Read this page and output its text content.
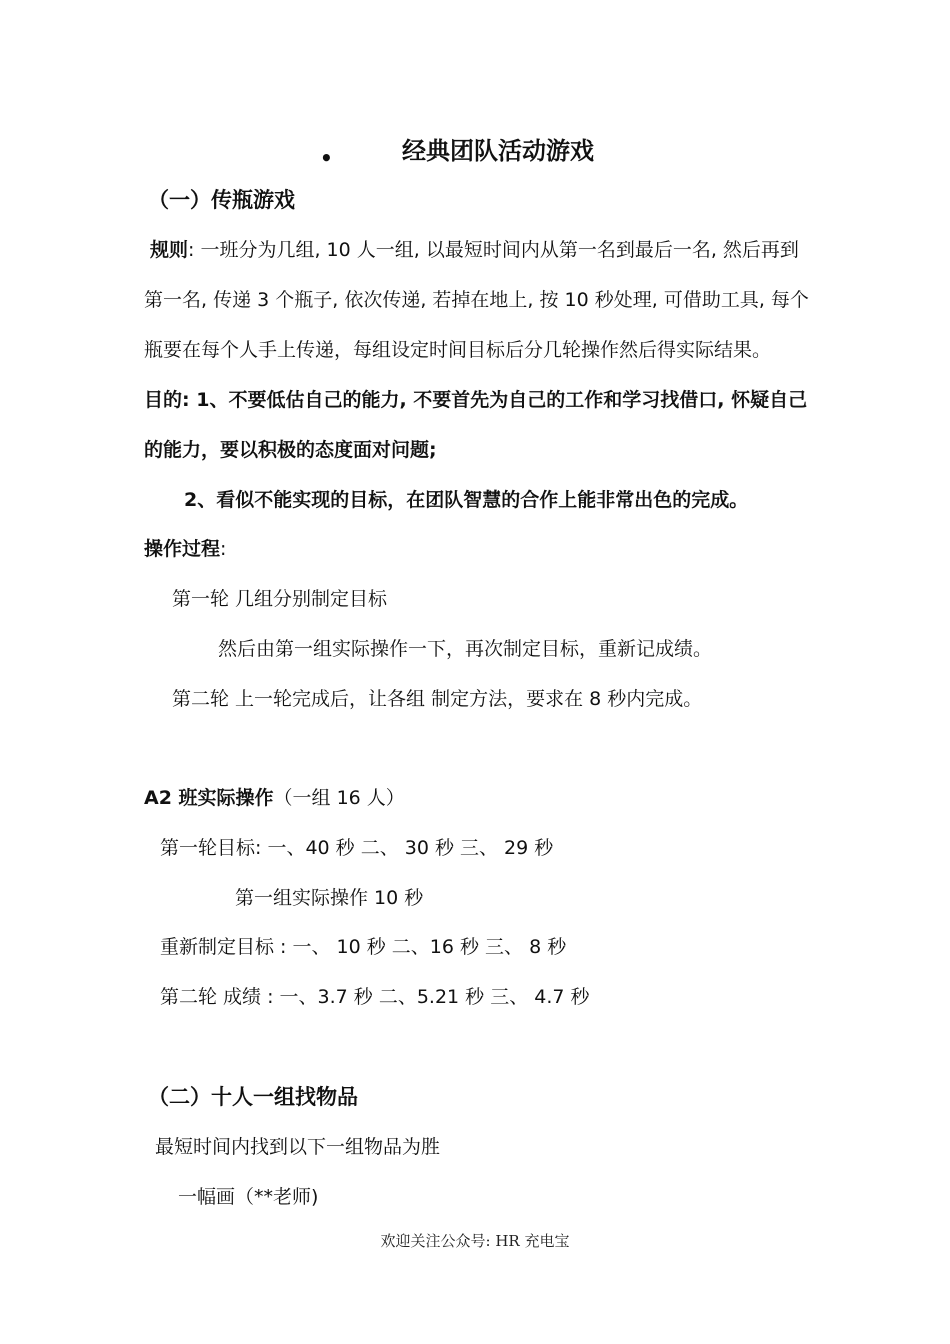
•	经典团队活动游戏
（一）传瓶游戏
规则: 一班分为几组, 10 人一组, 以最短时间内从第一名到最后一名, 然后再到
第一名, 传递 3 个瓶子, 依次传递, 若掉在地上, 按 10 秒处理, 可借助工具, 每个
瓶要在每个人手上传递，每组设定时间目标后分几轮操作然后得实际结果。
目的: 1、不要低估自己的能力, 不要首先为自己的工作和学习找借口, 怀疑自己
的能力，要以积极的态度面对问题;
2、看似不能实现的目标，在团队智慧的合作上能非常出色的完成。
操作过程:
第一轮 几组分别制定目标
然后由第一组实际操作一下，再次制定目标，重新记成绩。
第二轮 上一轮完成后，让各组 制定方法，要求在 8 秒内完成。
A2 班实际操作（一组 16 人）
第一轮目标: 一、40 秒 二、 30 秒 三、 29 秒
第一组实际操作 10 秒
重新制定目标 : 一、 10 秒 二、16 秒 三、 8 秒
第二轮 成绩 : 一、3.7 秒 二、5.21 秒 三、 4.7 秒
（二）十人一组找物品
最短时间内找到以下一组物品为胜
一幅画（**老师)
欢迎关注公众号: HR 充电宝
